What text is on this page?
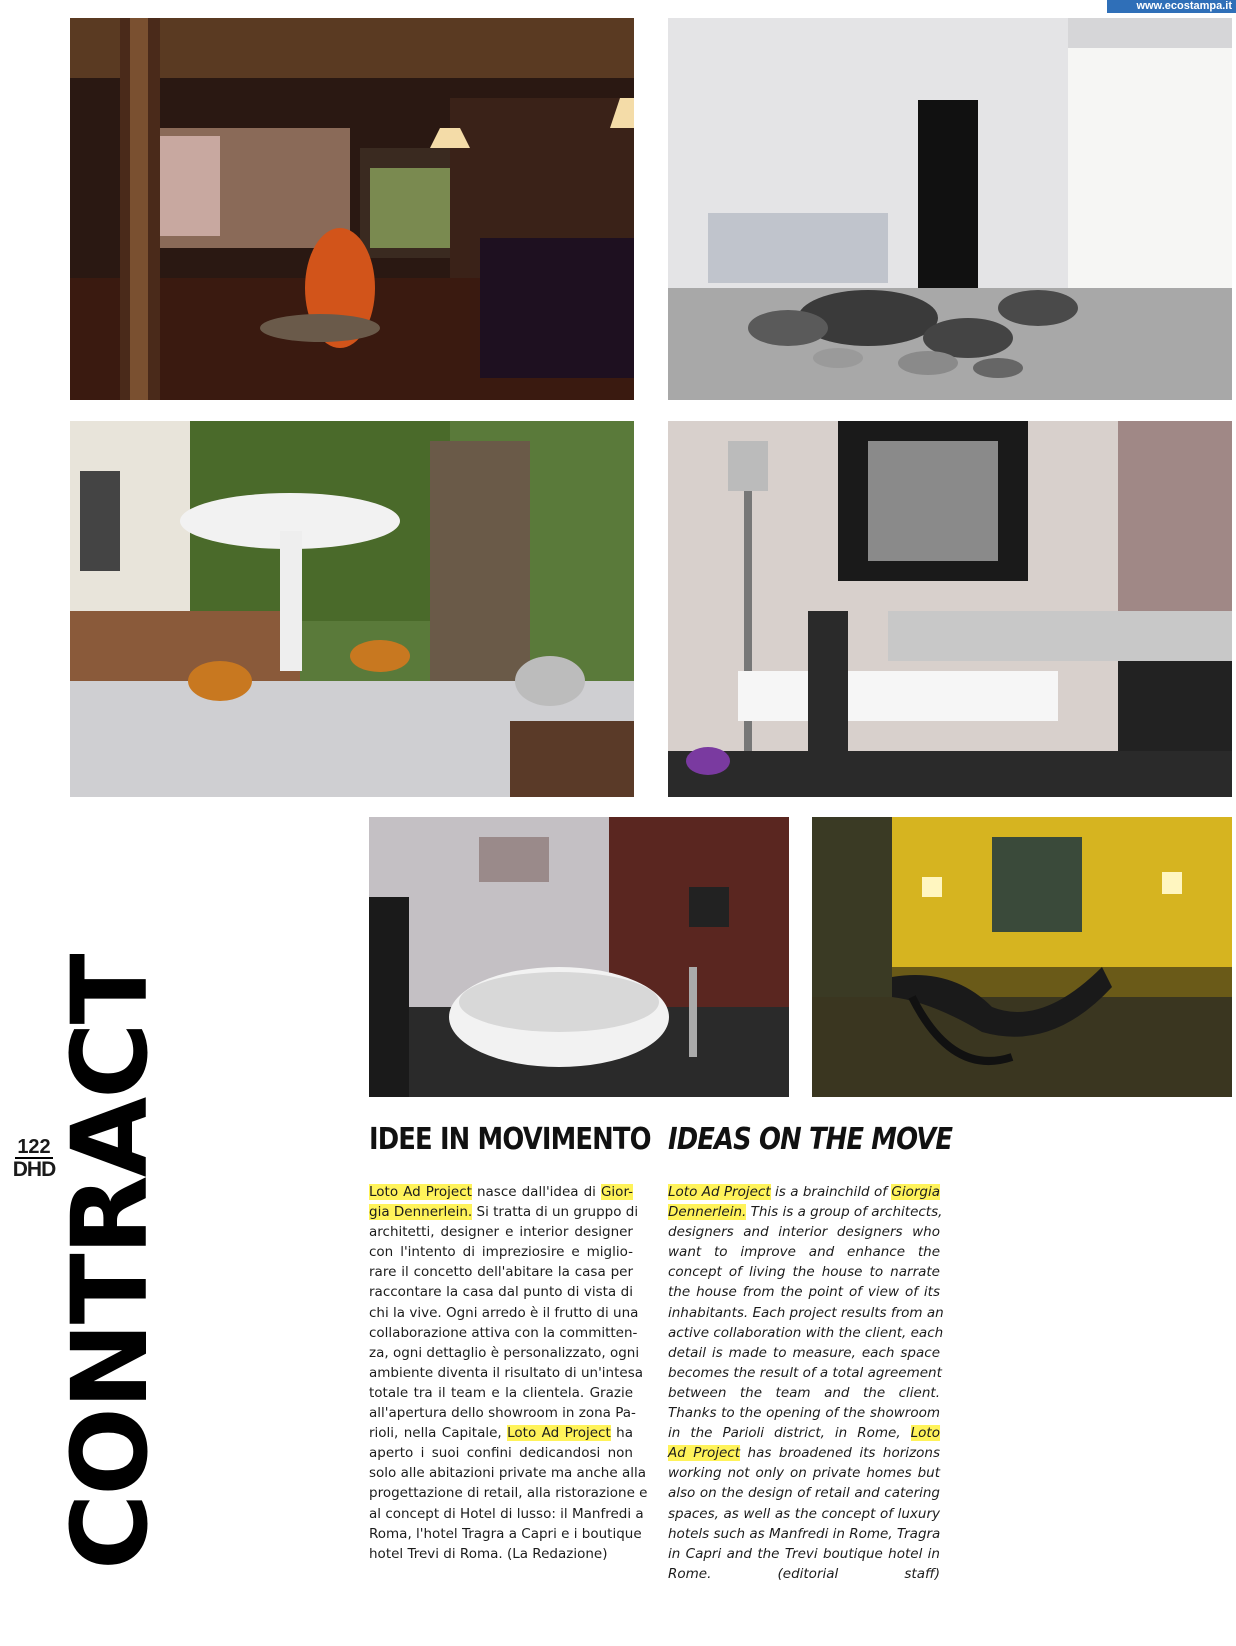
www.ecostampa.it
CONTRACT
122
DHD
IDEE IN MOVIMENTO IDEAS ON THE MOVE
Loto Ad Project nasce dall'idea di Gior-
gia Dennerlein. Si tratta di un gruppo di
architetti, designer e interior designer
con l'intento di impreziosire e miglio-
rare il concetto dell'abitare la casa per
raccontare la casa dal punto di vista di
chi la vive. Ogni arredo è il frutto di una
collaborazione attiva con la committen-
za, ogni dettaglio è personalizzato, ogni
ambiente diventa il risultato di un'intesa
totale tra il team e la clientela. Grazie
all'apertura dello showroom in zona Pa-
rioli, nella Capitale, Loto Ad Project ha
aperto i suoi confini dedicandosi non
solo alle abitazioni private ma anche alla
progettazione di retail, alla ristorazione e
al concept di Hotel di lusso: il Manfredi a
Roma, l'hotel Tragra a Capri e i boutique
hotel Trevi di Roma. (La Redazione)
Loto Ad Project is a brainchild of Giorgia
Dennerlein. This is a group of architects,
designers and interior designers who
want to improve and enhance the
concept of living the house to narrate
the house from the point of view of its
inhabitants. Each project results from an
active collaboration with the client, each
detail is made to measure, each space
becomes the result of a total agreement
between the team and the client.
Thanks to the opening of the showroom
in the Parioli district, in Rome, Loto
Ad Project has broadened its horizons
working not only on private homes but
also on the design of retail and catering
spaces, as well as the concept of luxury
hotels such as Manfredi in Rome, Tragra
in Capri and the Trevi boutique hotel in
Rome. (editorial staff)
